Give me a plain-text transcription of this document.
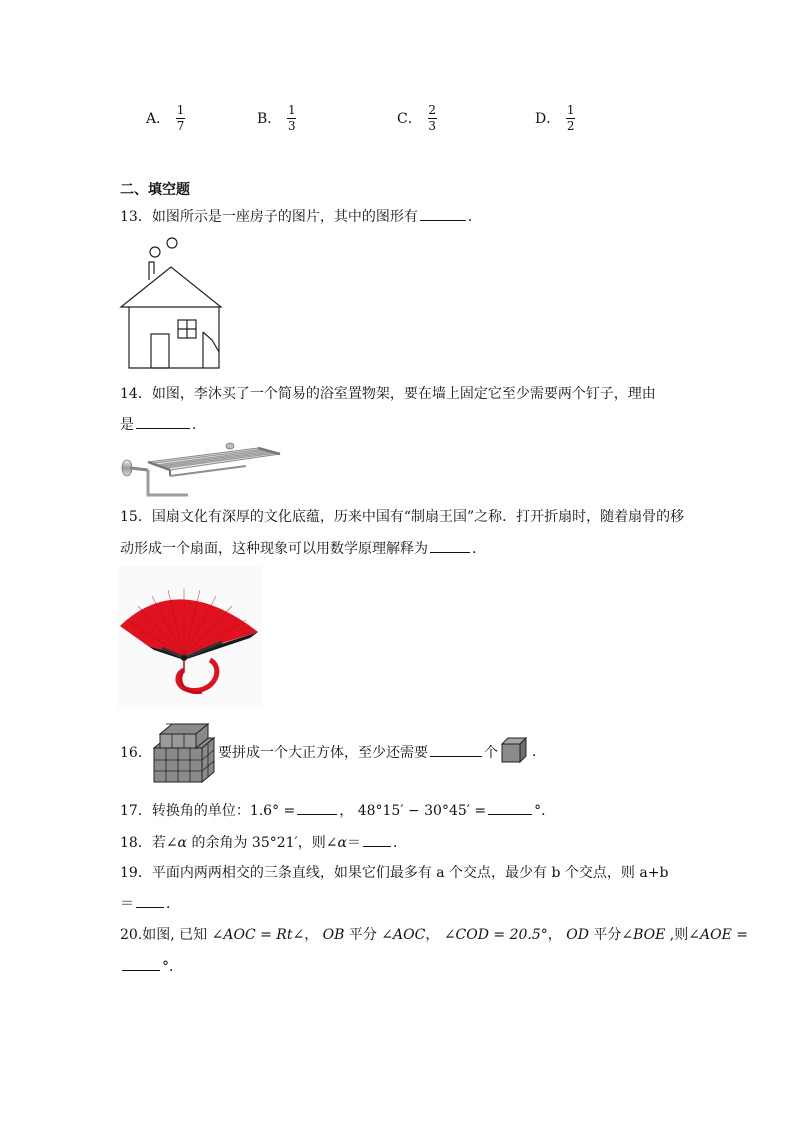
A． $\frac{1}{7}$	B． $\frac{1}{3}$	C． $\frac{2}{3}$	D． $\frac{1}{2}$
二、填空题
13．如图所示是一座房子的图片，其中的图形有	．
14．如图，李沐买了一个简易的浴室置物架，要在墙上固定它至少需要两个钉子，理由
是	．
15．国扇文化有深厚的文化底蕴，历来中国有“制扇王国”之称．打开折扇时，随着扇骨的移
动形成一个扇面，这种现象可以用数学原理解释为	．
16．	要拼成一个大正方体，至少还需要	个 ．
17．转换角的单位：1.6° =	， 48°15′ − 30°45′ =	°．
18．若∠α 的余角为 35°21′，则∠α＝ ．
19．平面内两两相交的三条直线，如果它们最多有 a 个交点，最少有 b 个交点，则 a+b
＝ ．
20.如图, 已知 ∠AOC = Rt∠， OB 平分 ∠AOC， ∠COD = 20.5°， OD 平分∠BOE ,则∠AOE =
°．
